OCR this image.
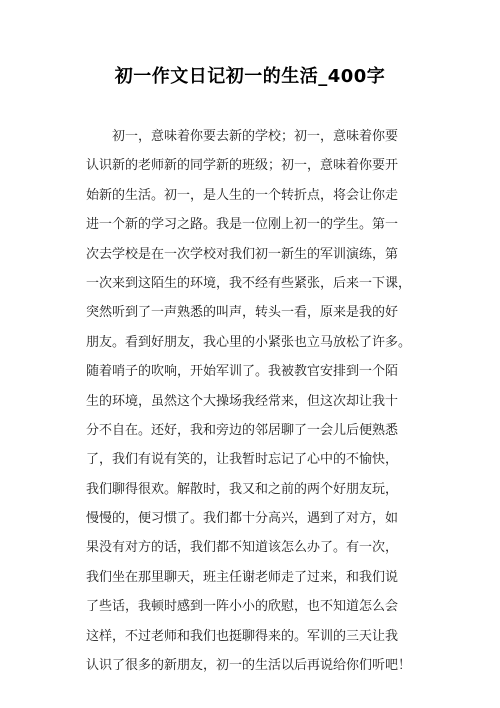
初一作文日记初一的生活_400字
初一，意味着你要去新的学校；初一，意味着你要
认识新的老师新的同学新的班级；初一，意味着你要开
始新的生活。初一，是人生的一个转折点，将会让你走
进一个新的学习之路。我是一位刚上初一的学生。第一
次去学校是在一次学校对我们初一新生的军训演练，第
一次来到这陌生的环境，我不经有些紧张，后来一下课，
突然听到了一声熟悉的叫声，转头一看，原来是我的好
朋友。看到好朋友，我心里的小紧张也立马放松了许多。
随着哨子的吹响，开始军训了。我被教官安排到一个陌
生的环境，虽然这个大操场我经常来，但这次却让我十
分不自在。还好，我和旁边的邻居聊了一会儿后便熟悉
了，我们有说有笑的，让我暂时忘记了心中的不愉快，
我们聊得很欢。解散时，我又和之前的两个好朋友玩，
慢慢的，便习惯了。我们都十分高兴，遇到了对方，如
果没有对方的话，我们都不知道该怎么办了。有一次，
我们坐在那里聊天，班主任谢老师走了过来，和我们说
了些话，我顿时感到一阵小小的欣慰，也不知道怎么会
这样，不过老师和我们也挺聊得来的。军训的三天让我
认识了很多的新朋友，初一的生活以后再说给你们听吧！
